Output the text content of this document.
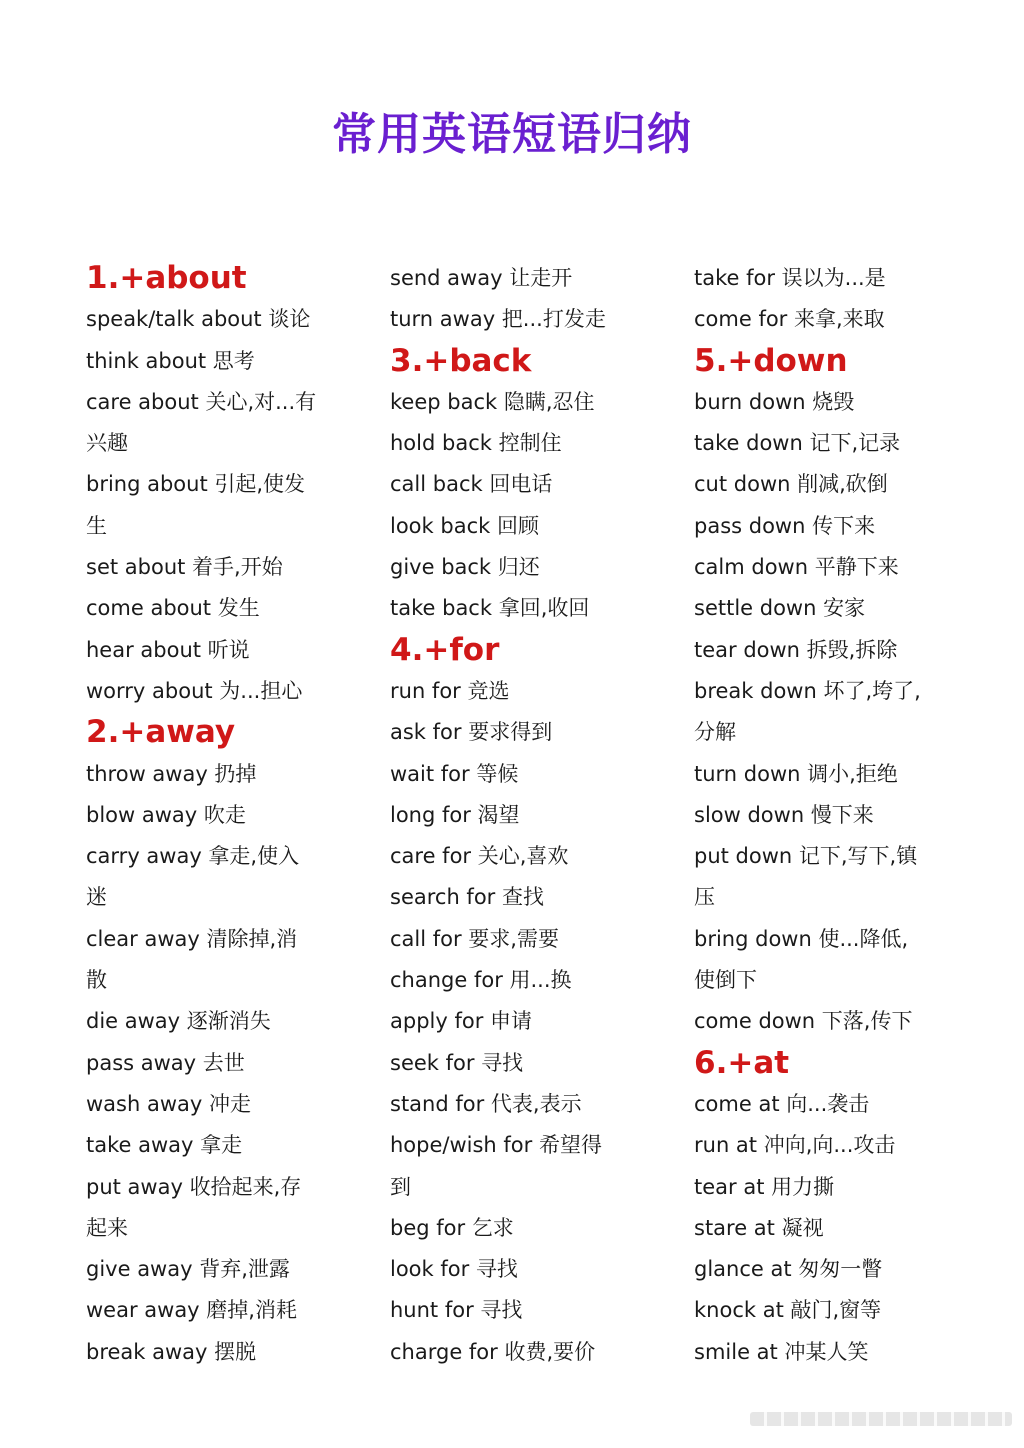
常用英语短语归纳
1.+about
speak/talk about 谈论
think about 思考
care about 关心,对...有
兴趣
bring about 引起,使发
生
set about 着手,开始
come about 发生
hear about 听说
worry about 为...担心
2.+away
throw away 扔掉
blow away 吹走
carry away 拿走,使入
迷
clear away 清除掉,消
散
die away 逐渐消失
pass away 去世
wash away 冲走
take away 拿走
put away 收拾起来,存
起来
give away 背弃,泄露
wear away 磨掉,消耗
break away 摆脱
send away 让走开
turn away 把...打发走
3.+back
keep back 隐瞒,忍住
hold back 控制住
call back 回电话
look back 回顾
give back 归还
take back 拿回,收回
4.+for
run for 竞选
ask for 要求得到
wait for 等候
long for 渴望
care for 关心,喜欢
search for 查找
call for 要求,需要
change for 用...换
apply for 申请
seek for 寻找
stand for 代表,表示
hope/wish for 希望得
到
beg for 乞求
look for 寻找
hunt for 寻找
charge for 收费,要价
take for 误以为...是
come for 来拿,来取
5.+down
burn down 烧毁
take down 记下,记录
cut down 削减,砍倒
pass down 传下来
calm down 平静下来
settle down 安家
tear down 拆毁,拆除
break down 坏了,垮了,
分解
turn down 调小,拒绝
slow down 慢下来
put down 记下,写下,镇
压
bring down 使...降低,
使倒下
come down 下落,传下
6.+at
come at 向...袭击
run at 冲向,向...攻击
tear at 用力撕
stare at 凝视
glance at 匆匆一瞥
knock at 敲门,窗等
smile at 冲某人笑
